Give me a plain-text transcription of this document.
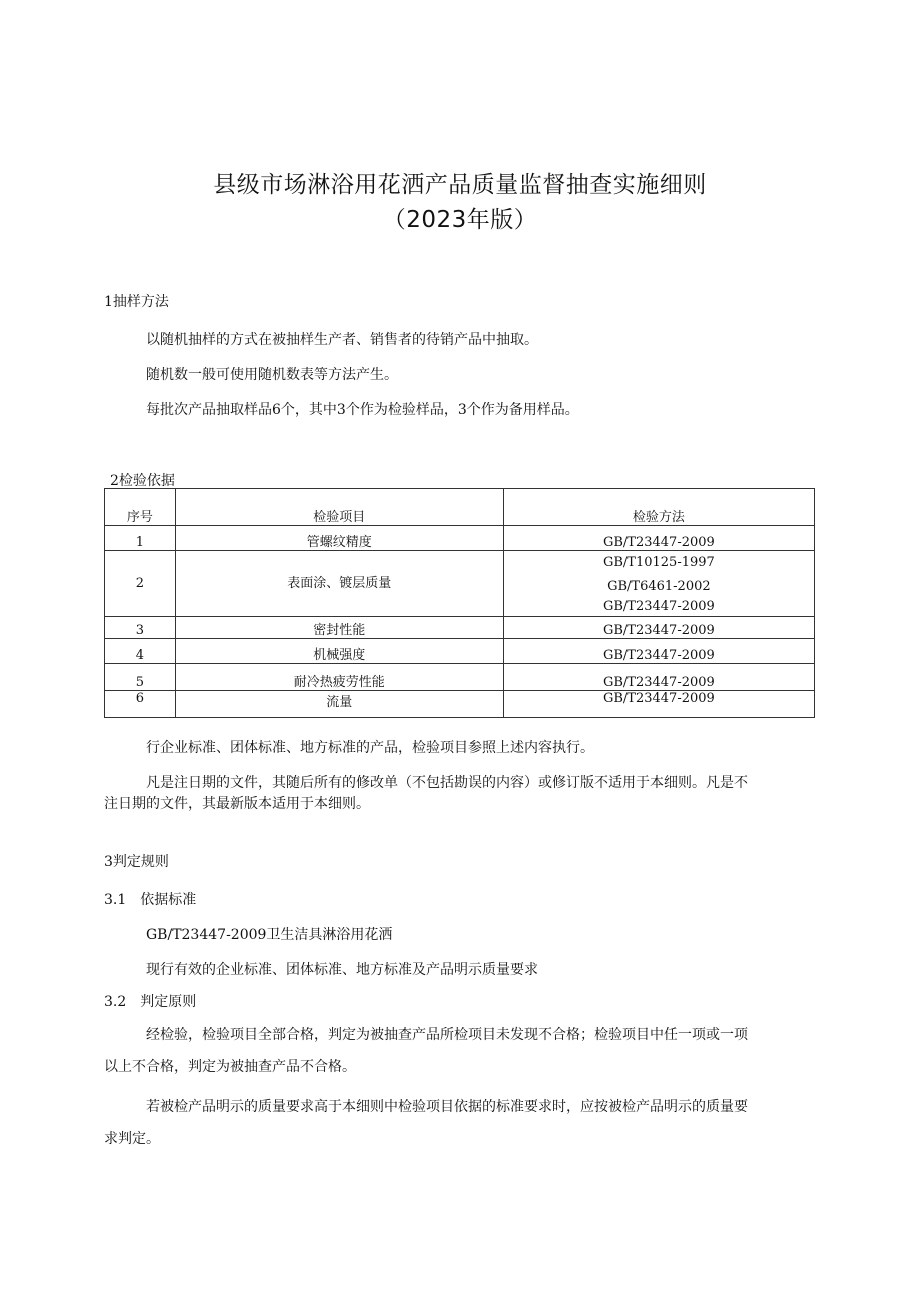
县级市场淋浴用花洒产品质量监督抽查实施细则
（2023年版）
1抽样方法
以随机抽样的方式在被抽样生产者、销售者的待销产品中抽取。
随机数一般可使用随机数表等方法产生。
每批次产品抽取样品6个，其中3个作为检验样品，3个作为备用样品。
2检验依据
序号	检验项目	检验方法
1	管螺纹精度	GB/T23447-2009
2	表面涂、镀层质量	GB/T10125-1997
GB/T6461-2002
GB/T23447-2009

3	密封性能	GB/T23447-2009
4	机械强度	GB/T23447-2009
5	耐冷热疲劳性能	GB/T23447-2009
6	流量	GB/T23447-2009
行企业标准、团体标准、地方标准的产品，检验项目参照上述内容执行。
凡是注日期的文件，其随后所有的修改单（不包括勘误的内容）或修订版不适用于本细则。凡是不
注日期的文件，其最新版本适用于本细则。
3判定规则
3.1　依据标准
GB/T23447-2009卫生洁具淋浴用花洒
现行有效的企业标准、团体标准、地方标准及产品明示质量要求
3.2　判定原则
经检验，检验项目全部合格，判定为被抽查产品所检项目未发现不合格；检验项目中任一项或一项
以上不合格，判定为被抽查产品不合格。
若被检产品明示的质量要求高于本细则中检验项目依据的标准要求时，应按被检产品明示的质量要
求判定。
